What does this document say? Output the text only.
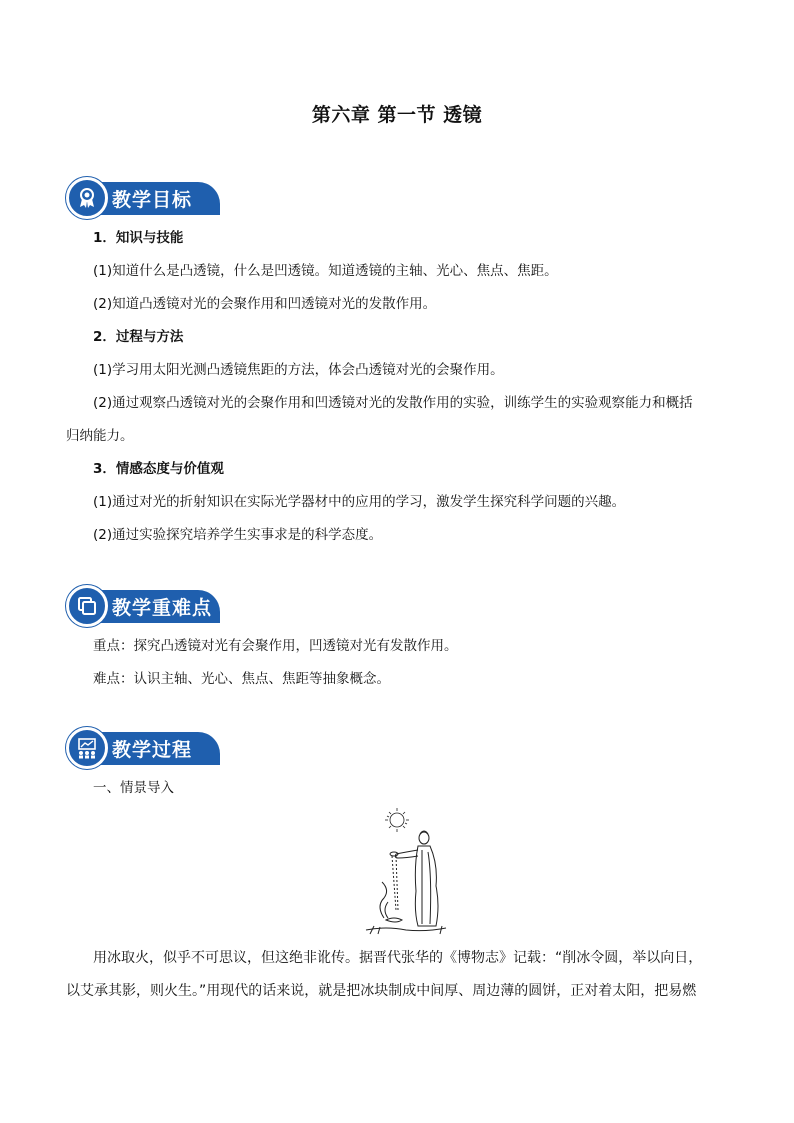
第六章 第一节 透镜
教学目标
1．知识与技能
(1)知道什么是凸透镜，什么是凹透镜。知道透镜的主轴、光心、焦点、焦距。
(2)知道凸透镜对光的会聚作用和凹透镜对光的发散作用。
2．过程与方法
(1)学习用太阳光测凸透镜焦距的方法，体会凸透镜对光的会聚作用。
(2)通过观察凸透镜对光的会聚作用和凹透镜对光的发散作用的实验，训练学生的实验观察能力和概括
归纳能力。
3．情感态度与价值观
(1)通过对光的折射知识在实际光学器材中的应用的学习，激发学生探究科学问题的兴趣。
(2)通过实验探究培养学生实事求是的科学态度。
教学重难点
重点：探究凸透镜对光有会聚作用，凹透镜对光有发散作用。
难点：认识主轴、光心、焦点、焦距等抽象概念。
教学过程
一、情景导入
用冰取火，似乎不可思议，但这绝非讹传。据晋代张华的《博物志》记载：“削冰令圆，举以向日，
以艾承其影，则火生。”用现代的话来说，就是把冰块制成中间厚、周边薄的圆饼，正对着太阳，把易燃
